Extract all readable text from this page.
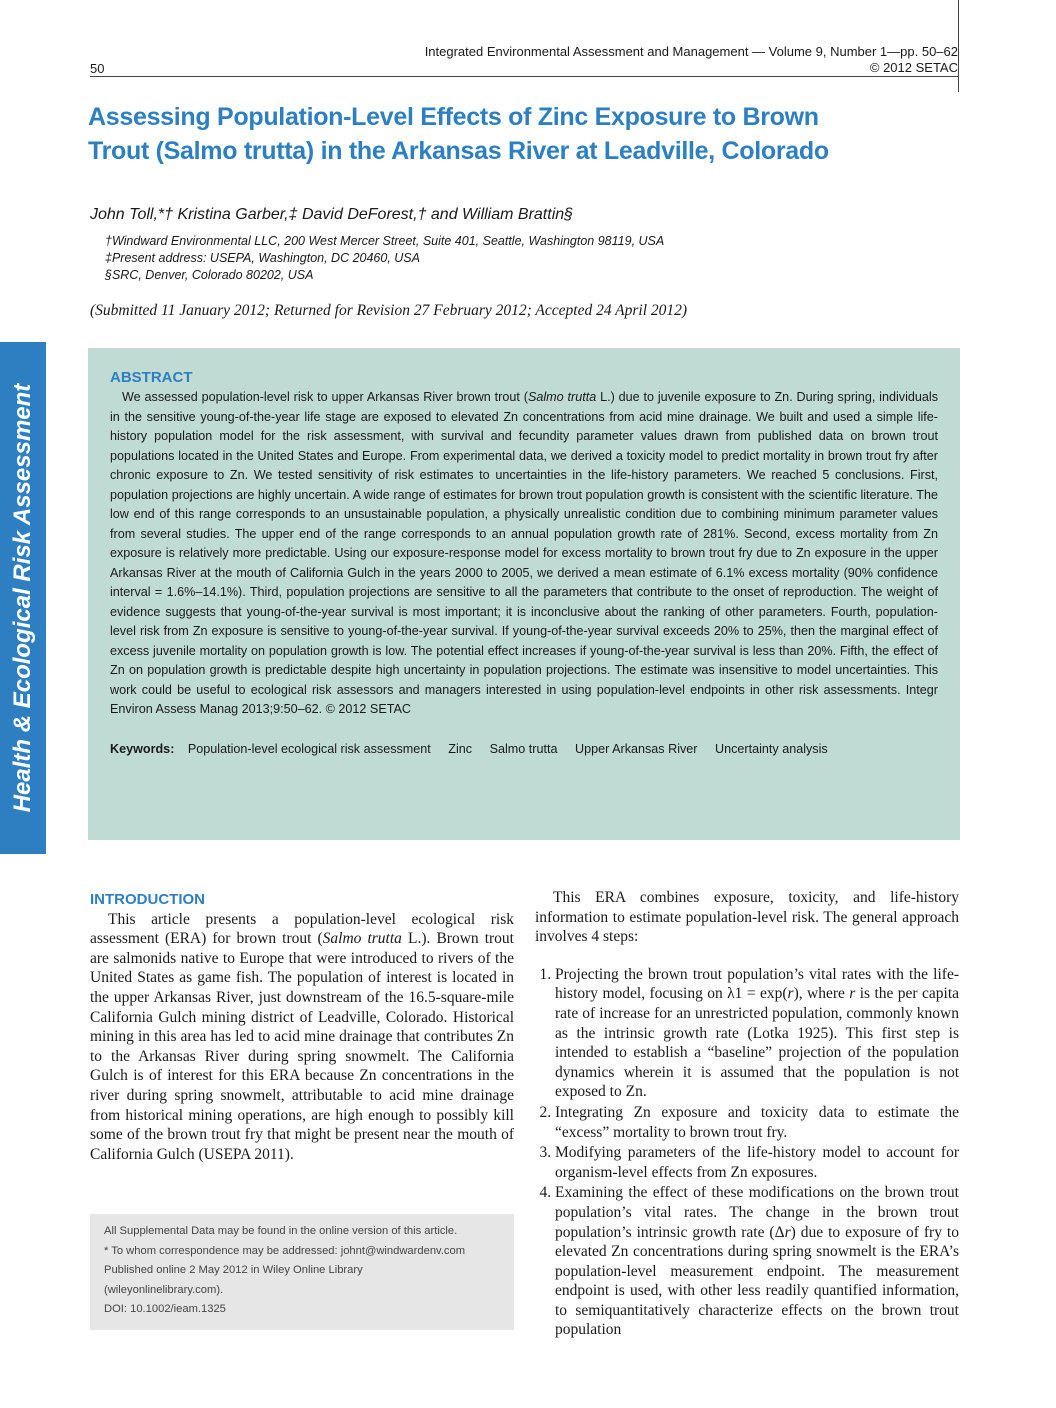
50
Integrated Environmental Assessment and Management — Volume 9, Number 1—pp. 50–62
© 2012 SETAC
Assessing Population-Level Effects of Zinc Exposure to Brown Trout (Salmo trutta) in the Arkansas River at Leadville, Colorado
John Toll,*† Kristina Garber,‡ David DeForest,† and William Brattin§
†Windward Environmental LLC, 200 West Mercer Street, Suite 401, Seattle, Washington 98119, USA
‡Present address: USEPA, Washington, DC 20460, USA
§SRC, Denver, Colorado 80202, USA
(Submitted 11 January 2012; Returned for Revision 27 February 2012; Accepted 24 April 2012)
Health & Ecological Risk Assessment

ABSTRACT

We assessed population-level risk to upper Arkansas River brown trout (Salmo trutta L.) due to juvenile exposure to Zn. During spring, individuals in the sensitive young-of-the-year life stage are exposed to elevated Zn concentrations from acid mine drainage. We built and used a simple life-history population model for the risk assessment, with survival and fecundity parameter values drawn from published data on brown trout populations located in the United States and Europe. From experimental data, we derived a toxicity model to predict mortality in brown trout fry after chronic exposure to Zn. We tested sensitivity of risk estimates to uncertainties in the life-history parameters. We reached 5 conclusions. First, population projections are highly uncertain. A wide range of estimates for brown trout population growth is consistent with the scientific literature. The low end of this range corresponds to an unsustainable population, a physically unrealistic condition due to combining minimum parameter values from several studies. The upper end of the range corresponds to an annual population growth rate of 281%. Second, excess mortality from Zn exposure is relatively more predictable. Using our exposure-response model for excess mortality to brown trout fry due to Zn exposure in the upper Arkansas River at the mouth of California Gulch in the years 2000 to 2005, we derived a mean estimate of 6.1% excess mortality (90% confidence interval = 1.6%–14.1%). Third, population projections are sensitive to all the parameters that contribute to the onset of reproduction. The weight of evidence suggests that young-of-the-year survival is most important; it is inconclusive about the ranking of other parameters. Fourth, population-level risk from Zn exposure is sensitive to young-of-the-year survival. If young-of-the-year survival exceeds 20% to 25%, then the marginal effect of excess juvenile mortality on population growth is low. The potential effect increases if young-of-the-year survival is less than 20%. Fifth, the effect of Zn on population growth is predictable despite high uncertainty in population projections. The estimate was insensitive to model uncertainties. This work could be useful to ecological risk assessors and managers interested in using population-level endpoints in other risk assessments. Integr Environ Assess Manag 2013;9:50–62. © 2012 SETAC

Keywords: Population-level ecological risk assessment Zinc Salmo trutta Upper Arkansas River Uncertainty analysis
INTRODUCTION

This article presents a population-level ecological risk assessment (ERA) for brown trout (Salmo trutta L.). Brown trout are salmonids native to Europe that were introduced to rivers of the United States as game fish. The population of interest is located in the upper Arkansas River, just downstream of the 16.5-square-mile California Gulch mining district of Leadville, Colorado. Historical mining in this area has led to acid mine drainage that contributes Zn to the Arkansas River during spring snowmelt. The California Gulch is of interest for this ERA because Zn concentrations in the river during spring snowmelt, attributable to acid mine drainage from historical mining operations, are high enough to possibly kill some of the brown trout fry that might be present near the mouth of California Gulch (USEPA 2011).

All Supplemental Data may be found in the online version of this article.
* To whom correspondence may be addressed: johnt@windwardenv.com
Published online 2 May 2012 in Wiley Online Library
(wileyonlinelibrary.com).
DOI: 10.1002/ieam.1325

This ERA combines exposure, toxicity, and life-history information to estimate population-level risk. The general approach involves 4 steps:

1. Projecting the brown trout population’s vital rates with the life-history model, focusing on λ1 = exp(r), where r is the per capita rate of increase for an unrestricted population, commonly known as the intrinsic growth rate (Lotka 1925). This first step is intended to establish a “baseline” projection of the population dynamics wherein it is assumed that the population is not exposed to Zn.
2. Integrating Zn exposure and toxicity data to estimate the “excess” mortality to brown trout fry.
3. Modifying parameters of the life-history model to account for organism-level effects from Zn exposures.
4. Examining the effect of these modifications on the brown trout population’s vital rates. The change in the brown trout population’s intrinsic growth rate (Δr) due to exposure of fry to elevated Zn concentrations during spring snowmelt is the ERA’s population-level measurement endpoint. The measurement endpoint is used, with other less readily quantified information, to semiquantitatively characterize effects on the brown trout population
